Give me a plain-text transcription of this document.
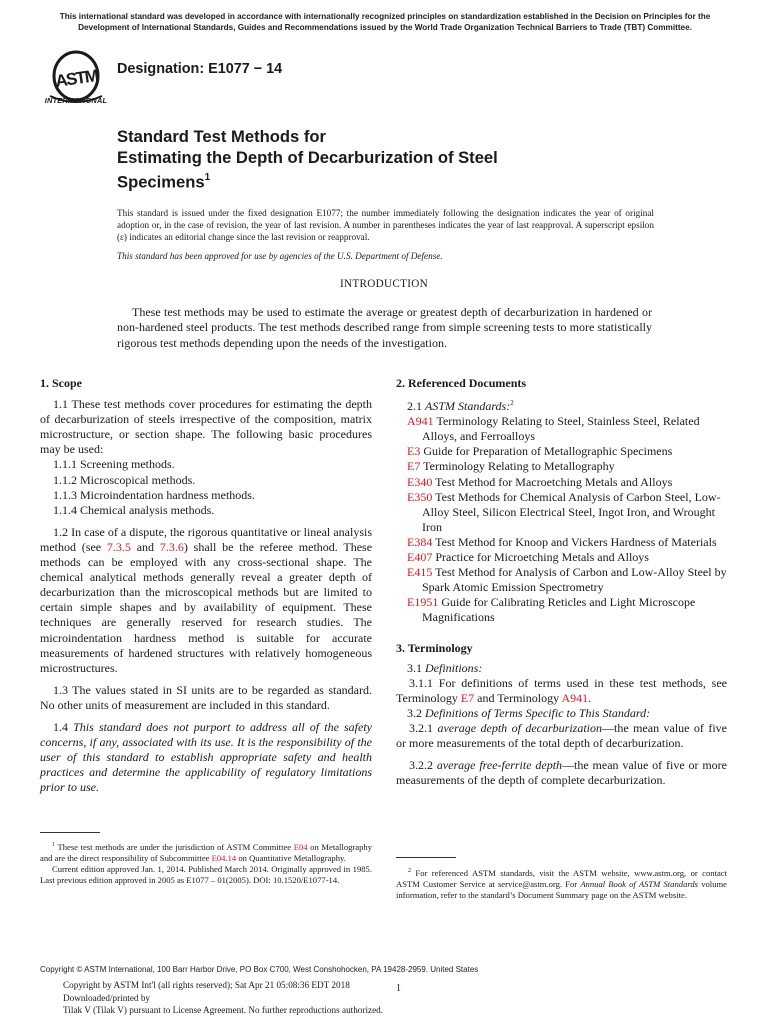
This international standard was developed in accordance with internationally recognized principles on standardization established in the Decision on Principles for the Development of International Standards, Guides and Recommendations issued by the World Trade Organization Technical Barriers to Trade (TBT) Committee.
ASTM
INTERNATIONAL
Designation: E1077 − 14
Standard Test Methods for
Estimating the Depth of Decarburization of Steel
Specimens$^1$
This standard is issued under the fixed designation E1077; the number immediately following the designation indicates the year of original adoption or, in the case of revision, the year of last revision. A number in parentheses indicates the year of last reapproval. A superscript epsilon (ε) indicates an editorial change since the last revision or reapproval.
This standard has been approved for use by agencies of the U.S. Department of Defense.
INTRODUCTION
These test methods may be used to estimate the average or greatest depth of decarburization in hardened or non-hardened steel products. The test methods described range from simple screening tests to more statistically rigorous test methods depending upon the needs of the investigation.
1. Scope
1.1 These test methods cover procedures for estimating the depth of decarburization of steels irrespective of the composition, matrix microstructure, or section shape. The following basic procedures may be used:
1.1.1 Screening methods.
1.1.2 Microscopical methods.
1.1.3 Microindentation hardness methods.
1.1.4 Chemical analysis methods.
1.2 In case of a dispute, the rigorous quantitative or lineal analysis method (see 7.3.5 and 7.3.6) shall be the referee method. These methods can be employed with any cross-sectional shape. The chemical analytical methods generally reveal a greater depth of decarburization than the microscopical methods but are limited to certain simple shapes and by availability of equipment. These techniques are generally reserved for research studies. The microindentation hardness method is suitable for accurate measurements of hardened structures with relatively homogeneous microstructures.
1.3 The values stated in SI units are to be regarded as standard. No other units of measurement are included in this standard.
1.4 This standard does not purport to address all of the safety concerns, if any, associated with its use. It is the responsibility of the user of this standard to establish appropriate safety and health practices and determine the applicability of regulatory limitations prior to use.
2. Referenced Documents
2.1 ASTM Standards:$^2$
A941 Terminology Relating to Steel, Stainless Steel, Related Alloys, and Ferroalloys
E3 Guide for Preparation of Metallographic Specimens
E7 Terminology Relating to Metallography
E340 Test Method for Macroetching Metals and Alloys
E350 Test Methods for Chemical Analysis of Carbon Steel, Low-Alloy Steel, Silicon Electrical Steel, Ingot Iron, and Wrought Iron
E384 Test Method for Knoop and Vickers Hardness of Materials
E407 Practice for Microetching Metals and Alloys
E415 Test Method for Analysis of Carbon and Low-Alloy Steel by Spark Atomic Emission Spectrometry
E1951 Guide for Calibrating Reticles and Light Microscope Magnifications
3. Terminology
3.1 Definitions:
3.1.1 For definitions of terms used in these test methods, see Terminology E7 and Terminology A941.
3.2 Definitions of Terms Specific to This Standard:
3.2.1 average depth of decarburization—the mean value of five or more measurements of the total depth of decarburization.
3.2.2 average free-ferrite depth—the mean value of five or more measurements of the depth of complete decarburization.
$^1$ These test methods are under the jurisdiction of ASTM Committee E04 on Metallography and are the direct responsibility of Subcommittee E04.14 on Quantitative Metallography.
Current edition approved Jan. 1, 2014. Published March 2014. Originally approved in 1985. Last previous edition approved in 2005 as E1077 – 01(2005). DOI: 10.1520/E1077-14.
$^2$ For referenced ASTM standards, visit the ASTM website, www.astm.org, or contact ASTM Customer Service at service@astm.org. For Annual Book of ASTM Standards volume information, refer to the standard’s Document Summary page on the ASTM website.
Copyright © ASTM International, 100 Barr Harbor Drive, PO Box C700, West Conshohocken, PA 19428-2959. United States
Copyright by ASTM Int'l (all rights reserved); Sat Apr 21 05:08:36 EDT 2018
Downloaded/printed by
Tilak V (Tilak V) pursuant to License Agreement. No further reproductions authorized.
1
